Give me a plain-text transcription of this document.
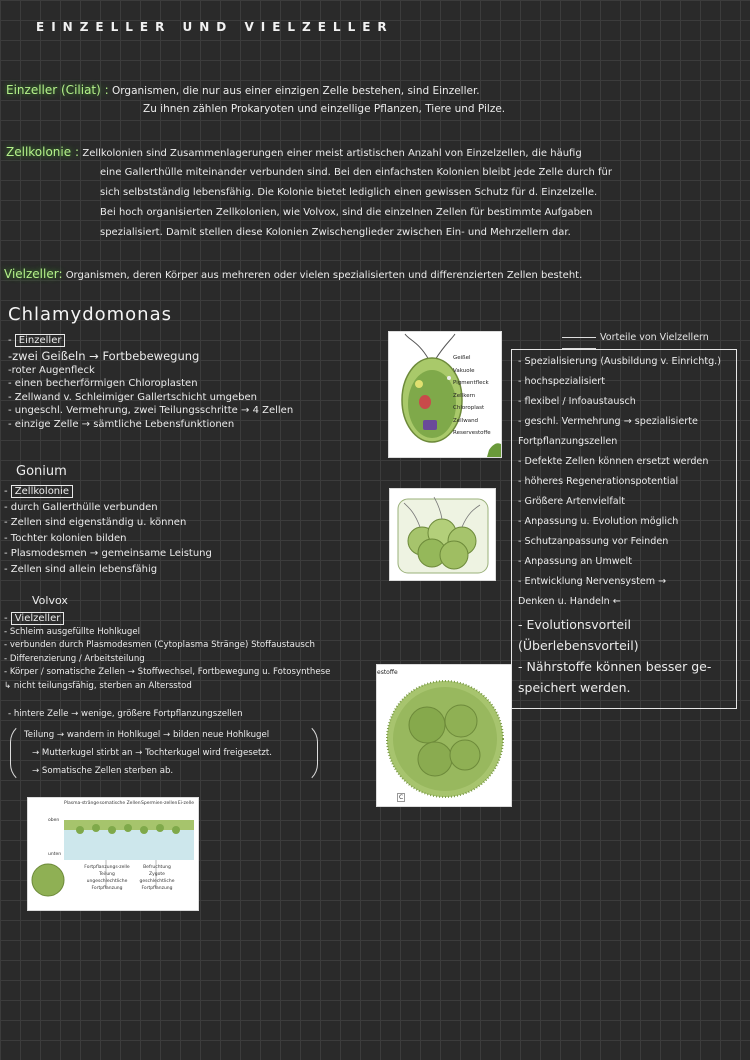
EINZELLER UND VIELZELLER
Einzeller (Ciliat) : Organismen, die nur aus einer einzigen Zelle bestehen, sind Einzeller.
Zu ihnen zählen Prokaryoten und einzellige Pflanzen, Tiere und Pilze.
Zellkolonie : Zellkolonien sind Zusammenlagerungen einer meist artistischen Anzahl von Einzelzellen, die häufig
eine Gallerthülle miteinander verbunden sind. Bei den einfachsten Kolonien bleibt jede Zelle durch für
sich selbstständig lebensfähig. Die Kolonie bietet lediglich einen gewissen Schutz für d. Einzelzelle.
Bei hoch organisierten Zellkolonien, wie Volvox, sind die einzelnen Zellen für bestimmte Aufgaben
spezialisiert. Damit stellen diese Kolonien Zwischenglieder zwischen Ein- und Mehrzellern dar.
Vielzeller: Organismen, deren Körper aus mehreren oder vielen spezialisierten und differenzierten Zellen besteht.
Chlamydomonas
- Einzeller
-zwei Geißeln → Fortbebewegung
-roter Augenfleck
- einen becherförmigen Chloroplasten
- Zellwand v. Schleimiger Gallertschicht umgeben
- ungeschl. Vermehrung, zwei Teilungsschritte → 4 Zellen
- einzige Zelle → sämtliche Lebensfunktionen
Gonium
- Zellkolonie
- durch Gallerthülle verbunden
- Zellen sind eigenständig u. können
- Tochter kolonien bilden
- Plasmodesmen → gemeinsame Leistung
- Zellen sind allein lebensfähig
Volvox
- Vielzeller
- Schleim ausgefüllte Hohlkugel
- verbunden durch Plasmodesmen (Cytoplasma Stränge) Stoffaustausch
- Differenzierung / Arbeitsteilung
- Körper / somatische Zellen → Stoffwechsel, Fortbewegung u. Fotosynthese
↳ nicht teilungsfähig, sterben an Altersstod
- hintere Zelle → wenige, größere Fortpflanzungszellen
Teilung → wandern in Hohlkugel → bilden neue Hohlkugel
→ Mutterkugel stirbt an → Tochterkugel wird freigesetzt.
→ Somatische Zellen sterben ab.
Geißel
Vakuole
Pigmentfleck
Zellkern
Chloroplast
Zellwand
Reservestoffe
estoffe
C
Plasma-stränge somatische Zellen Spermien-zellen Ei-zelle
oben
unten
Fortpflanzungs-zelle
Teilung
ungeschlechtliche Fortpflanzung
Befruchtung
Zygote
geschlechtliche Fortpflanzung
Vorteile von Vielzellern
- Spezialisierung (Ausbildung v. Einrichtg.)
- hochspezialisiert
- flexibel / Infoaustausch
- geschl. Vermehrung → spezialisierte
Fortpflanzungszellen
- Defekte Zellen können ersetzt werden
- höheres Regenerationspotential
- Größere Artenvielfalt
- Anpassung u. Evolution möglich
- Schutzanpassung vor Feinden
- Anpassung an Umwelt
- Entwicklung Nervensystem →
Denken u. Handeln ←
- Evolutionsvorteil
(Überlebensvorteil)
- Nährstoffe können besser ge-
speichert werden.
